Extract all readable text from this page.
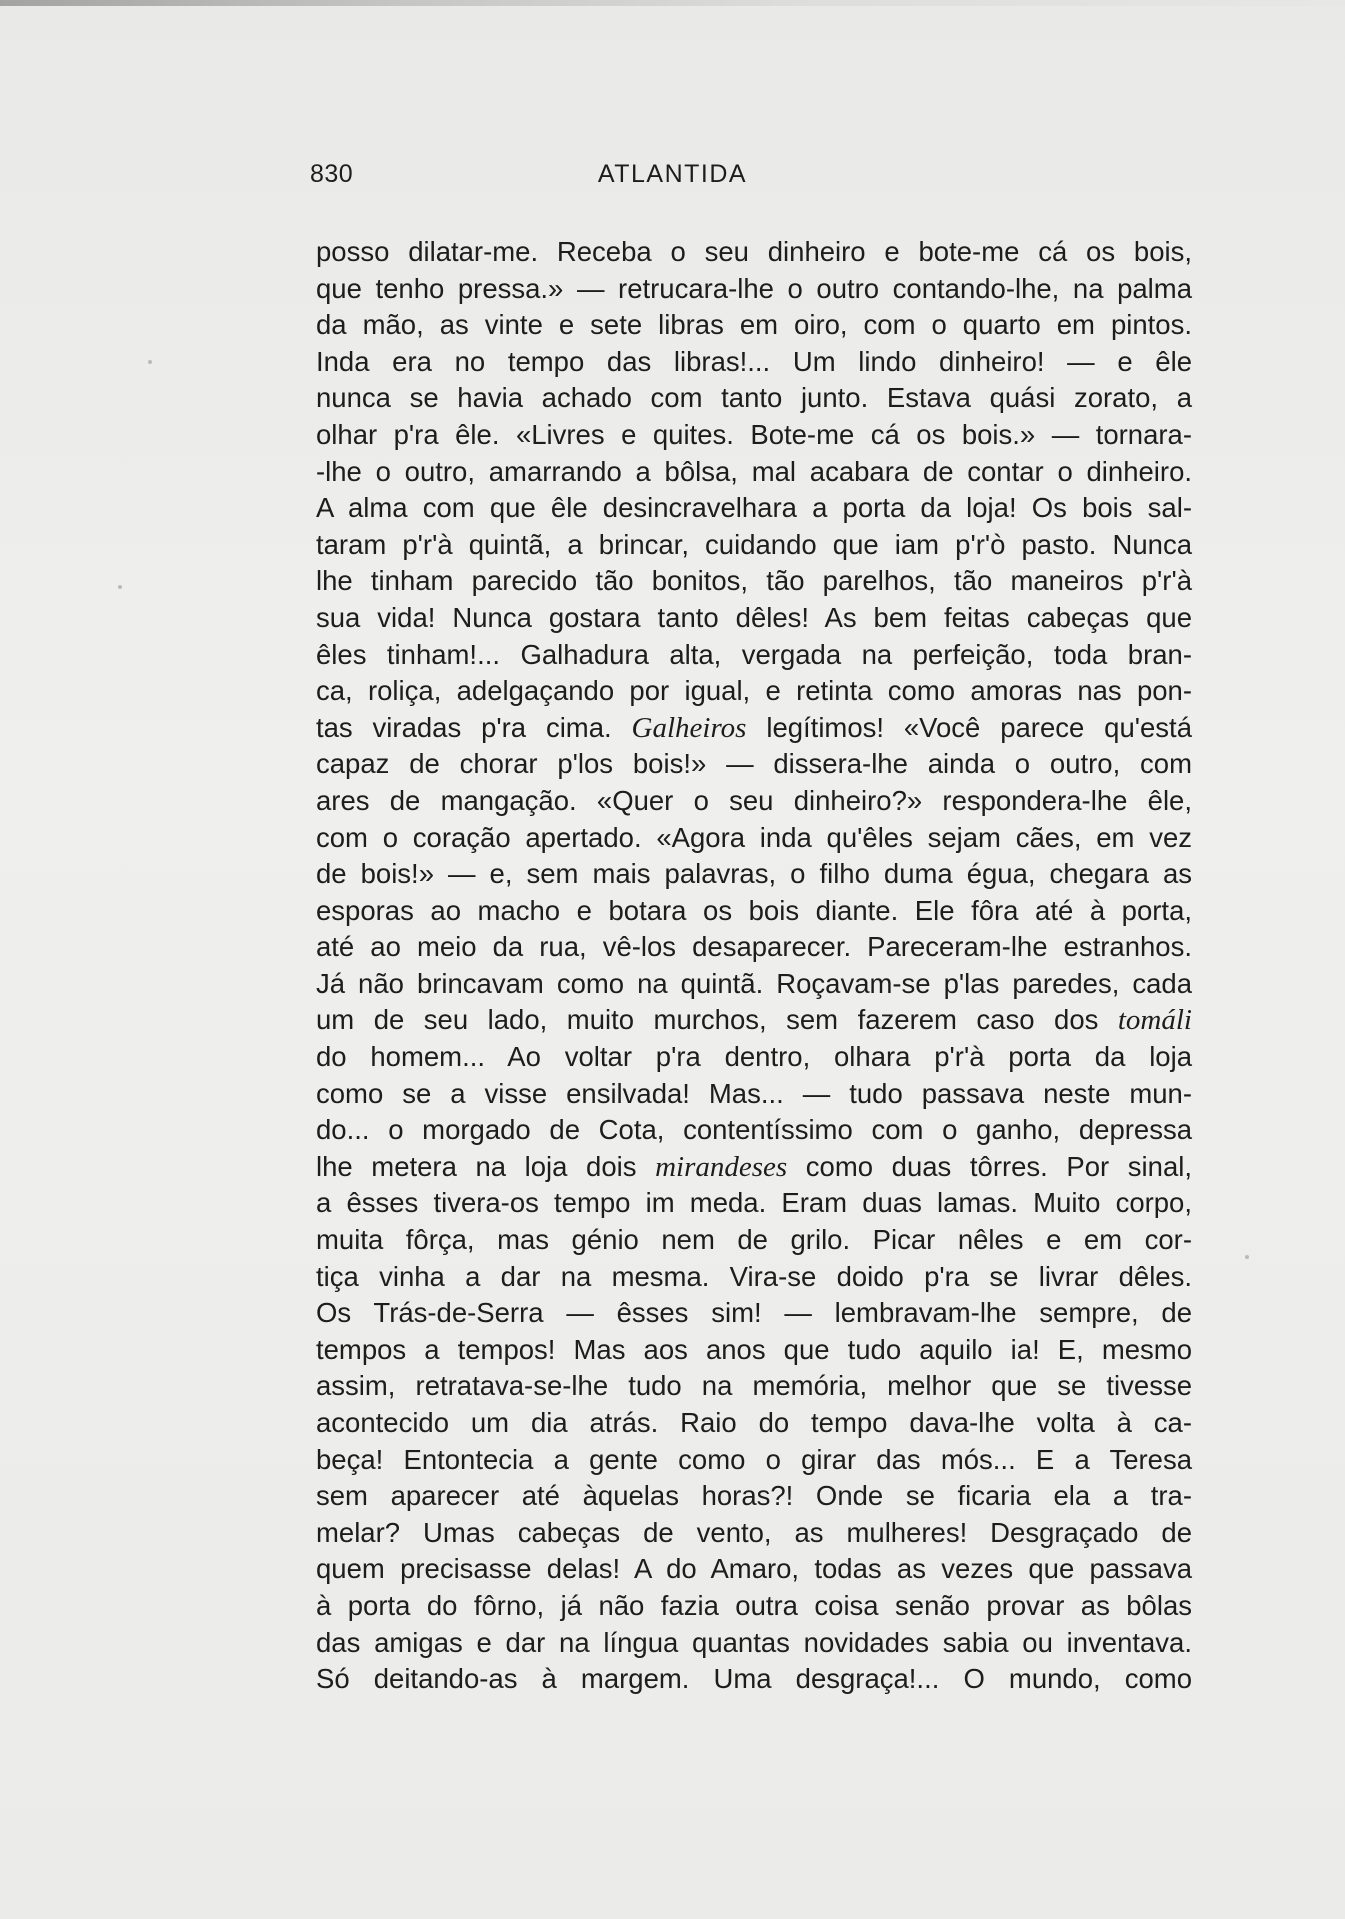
ATLANTIDA
830
posso dilatar-me. Receba o seu dinheiro e bote-me cá os bois,
que tenho pressa.» — retrucara-lhe o outro contando-lhe, na palma
da mão, as vinte e sete libras em oiro, com o quarto em pintos.
Inda era no tempo das libras!... Um lindo dinheiro! — e êle
nunca se havia achado com tanto junto. Estava quási zorato, a
olhar p'ra êle. «Livres e quites. Bote-me cá os bois.» — tornara-
-lhe o outro, amarrando a bôlsa, mal acabara de contar o dinheiro.
A alma com que êle desincravelhara a porta da loja! Os bois sal-
taram p'r'à quintã, a brincar, cuidando que iam p'r'ò pasto. Nunca
lhe tinham parecido tão bonitos, tão parelhos, tão maneiros p'r'à
sua vida! Nunca gostara tanto dêles! As bem feitas cabeças que
êles tinham!... Galhadura alta, vergada na perfeição, toda bran-
ca, roliça, adelgaçando por igual, e retinta como amoras nas pon-
tas viradas p'ra cima. Galheiros legítimos! «Você parece qu'está
capaz de chorar p'los bois!» — dissera-lhe ainda o outro, com
ares de mangação. «Quer o seu dinheiro?» respondera-lhe êle,
com o coração apertado. «Agora inda qu'êles sejam cães, em vez
de bois!» — e, sem mais palavras, o filho duma égua, chegara as
esporas ao macho e botara os bois diante. Ele fôra até à porta,
até ao meio da rua, vê-los desaparecer. Pareceram-lhe estranhos.
Já não brincavam como na quintã. Roçavam-se p'las paredes, cada
um de seu lado, muito murchos, sem fazerem caso dos tomáli
do homem... Ao voltar p'ra dentro, olhara p'r'à porta da loja
como se a visse ensilvada! Mas... — tudo passava neste mun-
do... o morgado de Cota, contentíssimo com o ganho, depressa
lhe metera na loja dois mirandeses como duas tôrres. Por sinal,
a êsses tivera-os tempo im meda. Eram duas lamas. Muito corpo,
muita fôrça, mas génio nem de grilo. Picar nêles e em cor-
tiça vinha a dar na mesma. Vira-se doido p'ra se livrar dêles.
Os Trás-de-Serra — êsses sim! — lembravam-lhe sempre, de
tempos a tempos! Mas aos anos que tudo aquilo ia! E, mesmo
assim, retratava-se-lhe tudo na memória, melhor que se tivesse
acontecido um dia atrás. Raio do tempo dava-lhe volta à ca-
beça! Entontecia a gente como o girar das mós... E a Teresa
sem aparecer até àquelas horas?! Onde se ficaria ela a tra-
melar? Umas cabeças de vento, as mulheres! Desgraçado de
quem precisasse delas! A do Amaro, todas as vezes que passava
à porta do fôrno, já não fazia outra coisa senão provar as bôlas
das amigas e dar na língua quantas novidades sabia ou inventava.
Só deitando-as à margem. Uma desgraça!... O mundo, como
